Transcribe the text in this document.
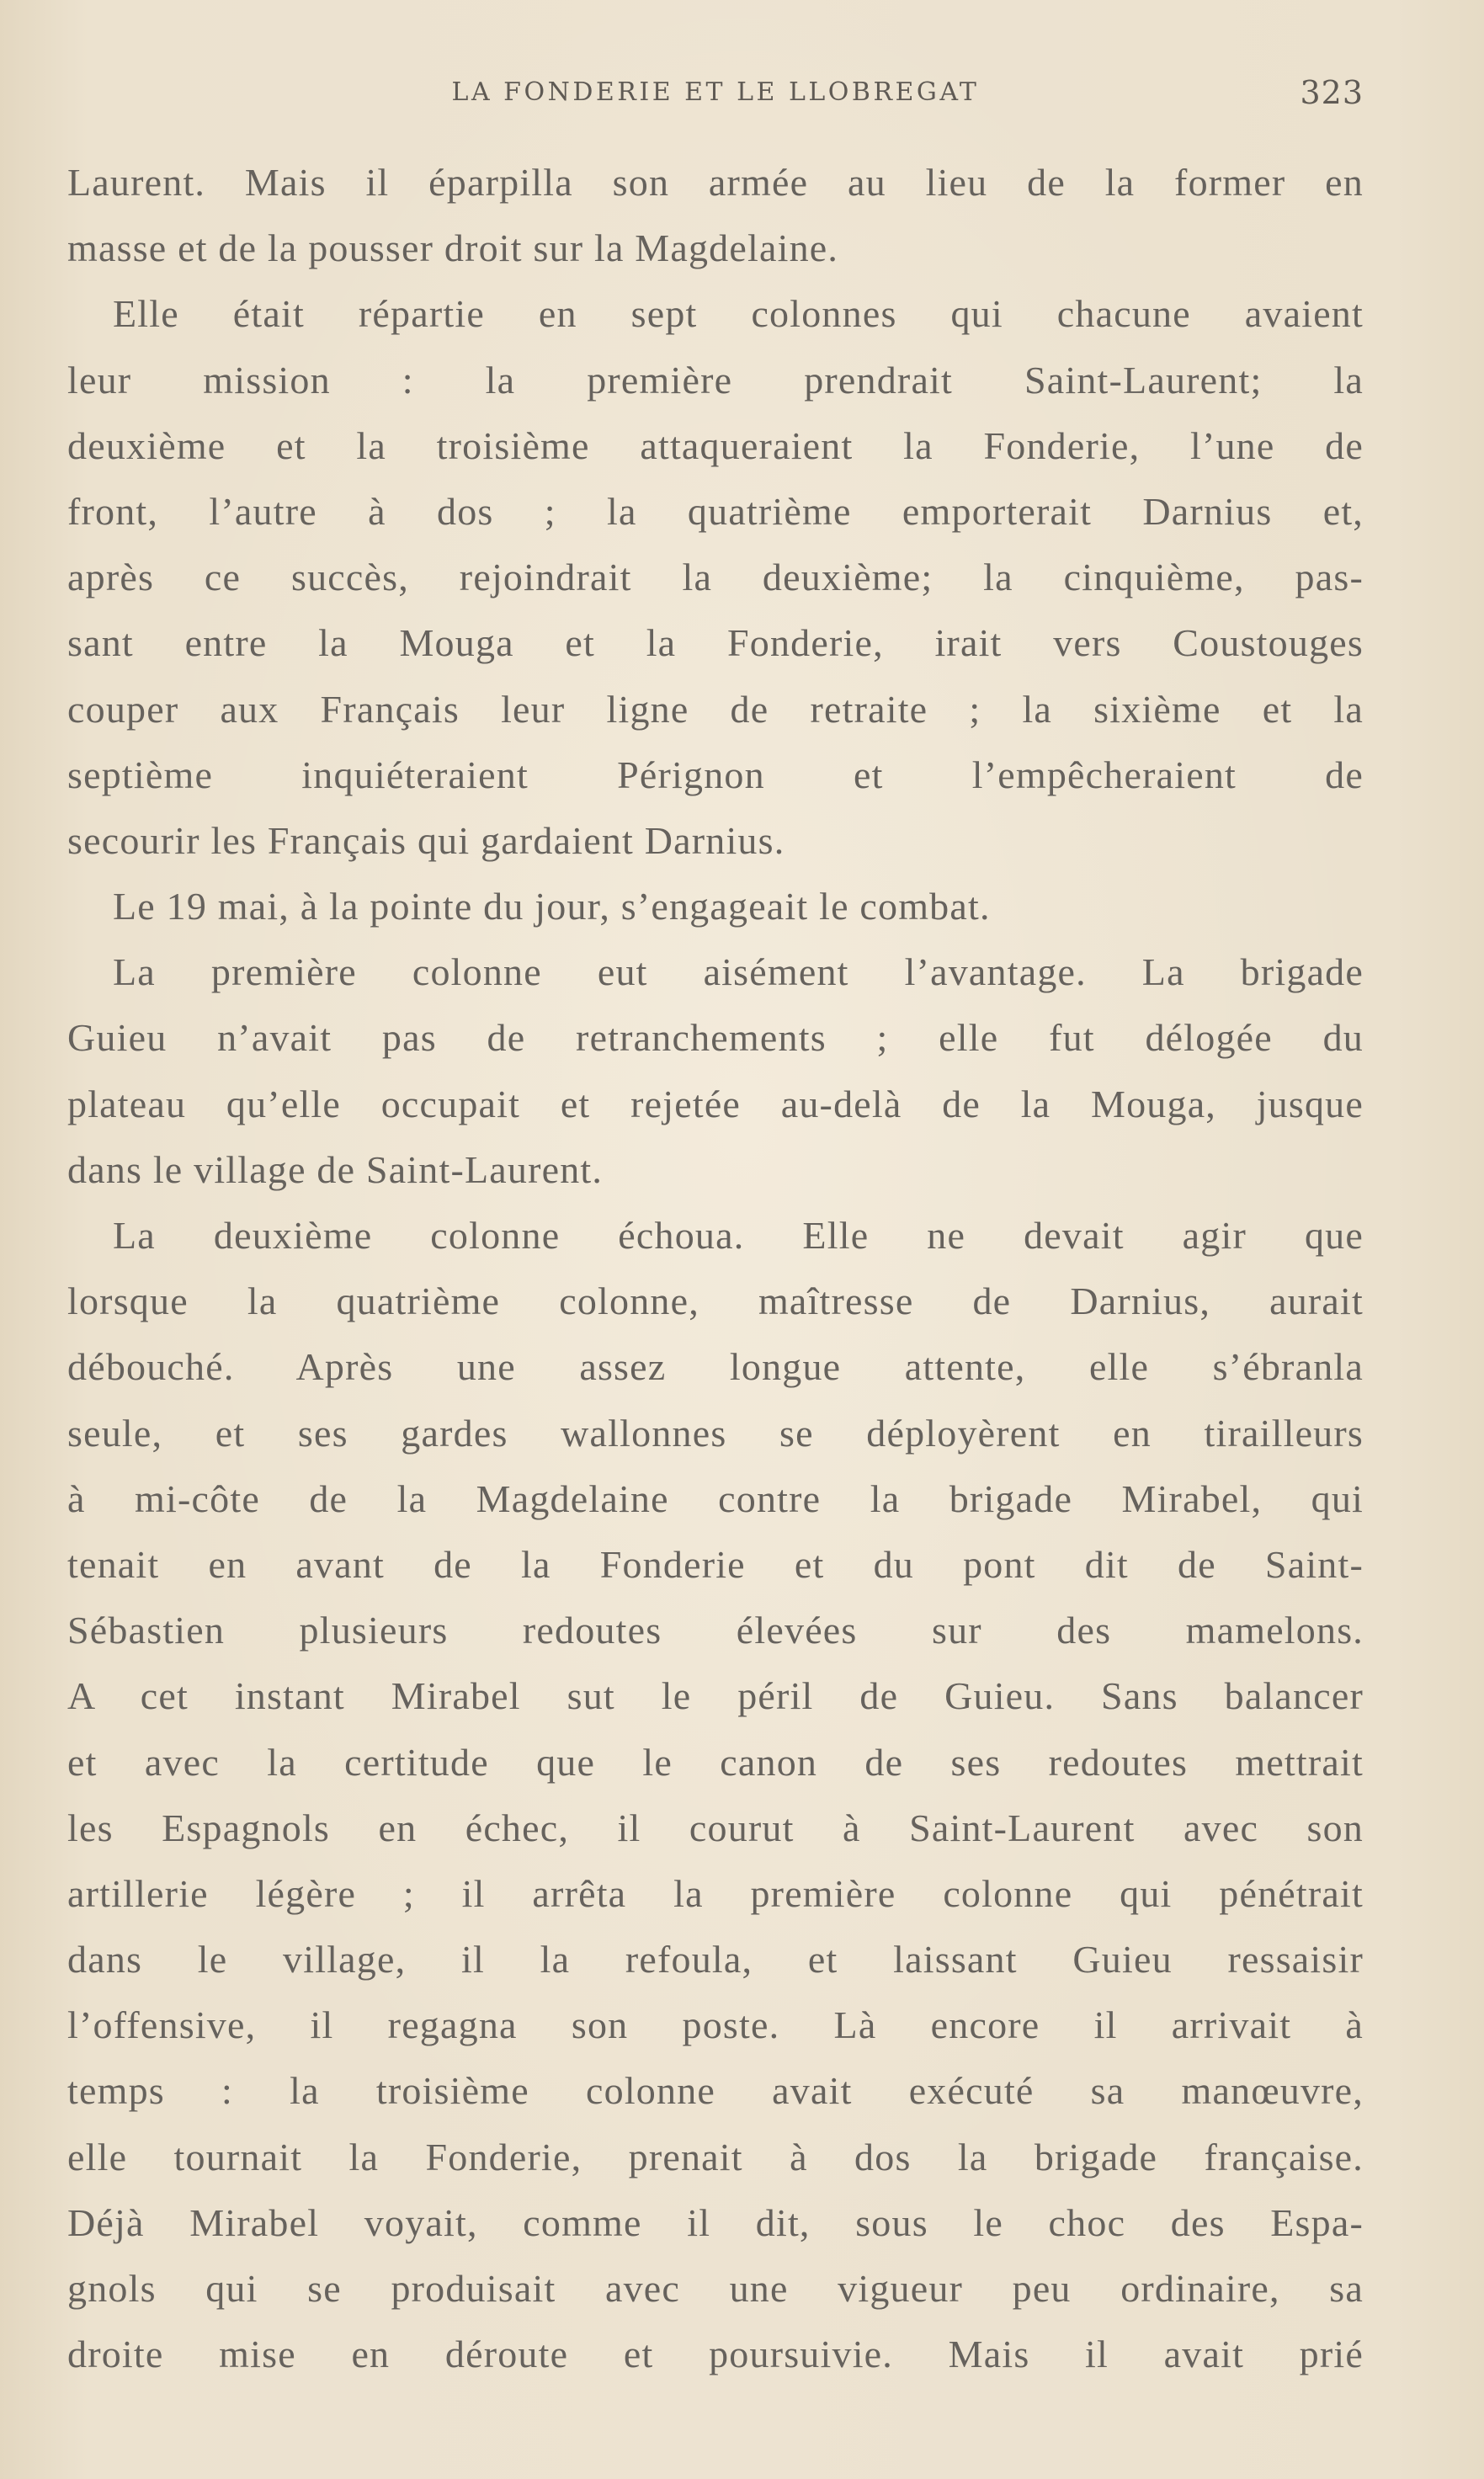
LA FONDERIE ET LE LLOBREGAT	323
Laurent. Mais il éparpilla son armée au lieu de la former en
masse et de la pousser droit sur la Magdelaine.
Elle était répartie en sept colonnes qui chacune avaient
leur mission : la première prendrait Saint-Laurent; la
deuxième et la troisième attaqueraient la Fonderie, l’une de
front, l’autre à dos ; la quatrième emporterait Darnius et,
après ce succès, rejoindrait la deuxième; la cinquième, pas-
sant entre la Mouga et la Fonderie, irait vers Coustouges
couper aux Français leur ligne de retraite ; la sixième et la
septième inquiéteraient Pérignon et l’empêcheraient de
secourir les Français qui gardaient Darnius.
Le 19 mai, à la pointe du jour, s’engageait le combat.
La première colonne eut aisément l’avantage. La brigade
Guieu n’avait pas de retranchements ; elle fut délogée du
plateau qu’elle occupait et rejetée au-delà de la Mouga, jusque
dans le village de Saint-Laurent.
La deuxième colonne échoua. Elle ne devait agir que
lorsque la quatrième colonne, maîtresse de Darnius, aurait
débouché. Après une assez longue attente, elle s’ébranla
seule, et ses gardes wallonnes se déployèrent en tirailleurs
à mi-côte de la Magdelaine contre la brigade Mirabel, qui
tenait en avant de la Fonderie et du pont dit de Saint-
Sébastien plusieurs redoutes élevées sur des mamelons.
A cet instant Mirabel sut le péril de Guieu. Sans balancer
et avec la certitude que le canon de ses redoutes mettrait
les Espagnols en échec, il courut à Saint-Laurent avec son
artillerie légère ; il arrêta la première colonne qui pénétrait
dans le village, il la refoula, et laissant Guieu ressaisir
l’offensive, il regagna son poste. Là encore il arrivait à
temps : la troisième colonne avait exécuté sa manœuvre,
elle tournait la Fonderie, prenait à dos la brigade française.
Déjà Mirabel voyait, comme il dit, sous le choc des Espa-
gnols qui se produisait avec une vigueur peu ordinaire, sa
droite mise en déroute et poursuivie. Mais il avait prié
